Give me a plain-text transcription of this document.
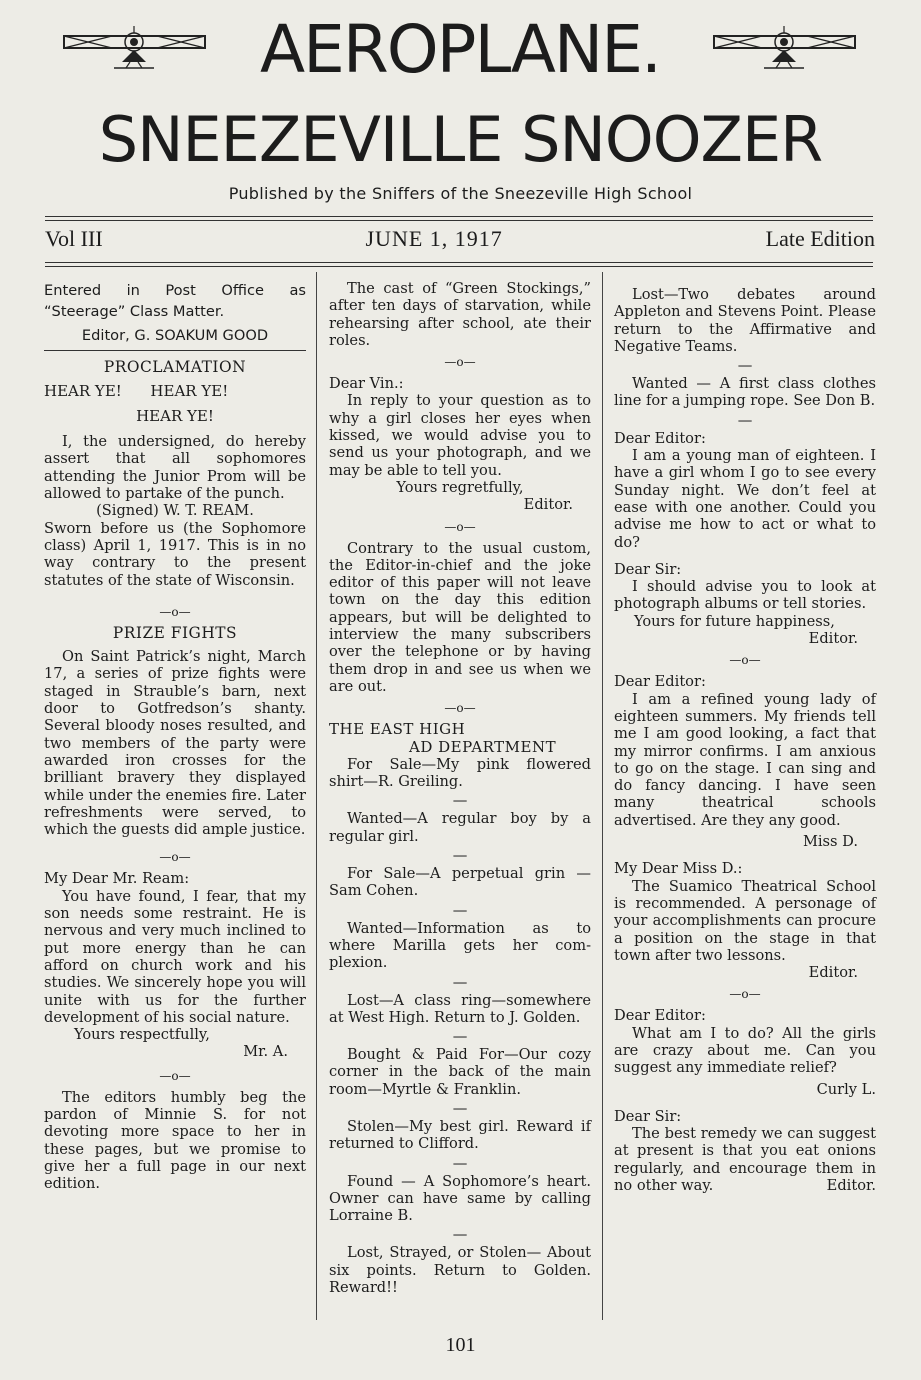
AEROPLANE.
SNEEZEVILLE SNOOZER
Published by the Sniffers of the Sneezeville High School
Vol III	JUNE 1, 1917	Late Edition
Entered in Post Office as “Steerage” Class Matter.
Editor, G. SOAKUM GOOD
PROCLAMATION
HEAR YE!      HEAR YE!
HEAR YE!
I, the undersigned, do hereby assert that all sophomores attending the Junior Prom will be allowed to partake of the punch.
(Signed) W. T. REAM.
Sworn before us (the Sophomore class) April 1, 1917. This is in no way contrary to the present statutes of the state of Wisconsin.
—o—
PRIZE FIGHTS
On Saint Patrick’s night, March 17, a series of prize fights were staged in Strauble’s barn, next door to Gotfredson’s shanty. Several bloody noses resulted, and two members of the party were awarded iron crosses for the brilliant bravery they displayed while under the enemies fire. Later refreshments were served, to which the guests did ample justice.
—o—
My Dear Mr. Ream:
You have found, I fear, that my son needs some restraint. He is nervous and very much inclined to put more energy than he can afford on church work and his studies. We sincerely hope you will unite with us for the further development of his social nature.
Yours respectfully,
Mr. A.
—o—
The editors humbly beg the pardon of Minnie S. for not devoting more space to her in these pages, but we promise to give her a full page in our next edition.
The cast of “Green Stockings,” after ten days of starvation, while rehearsing after school, ate their roles.
—o—
Dear Vin.:
In reply to your question as to why a girl closes her eyes when kissed, we would advise you to send us your photograph, and we may be able to tell you.
Yours regretfully,
Editor.
—o—
Contrary to the usual custom, the Editor-in-chief and the joke editor of this paper will not leave town on the day this edition appears, but will be delighted to interview the many subscribers over the telephone or by having them drop in and see us when we are out.
—o—
THE EAST HIGH
AD DEPARTMENT
For Sale—My pink flowered shirt—R. Greiling.
—
Wanted—A regular boy by a regular girl.
—
For Sale—A perpetual grin —Sam Cohen.
—
Wanted—Information as to where Marilla gets her complexion.
—
Lost—A class ring—somewhere at West High. Return to J. Golden.
—
Bought & Paid For—Our cozy corner in the back of the main room—Myrtle & Franklin.
—
Stolen—My best girl. Reward if returned to Clifford.
—
Found — A Sophomore’s heart. Owner can have same by calling Lorraine B.
—
Lost, Strayed, or Stolen— About six points. Return to Golden. Reward!!
Lost—Two debates around Appleton and Stevens Point. Please return to the Affirmative and Negative Teams.
—
Wanted — A first class clothes line for a jumping rope. See Don B.
—
Dear Editor:
I am a young man of eighteen. I have a girl whom I go to see every Sunday night. We don’t feel at ease with one another. Could you advise me how to act or what to do?
Dear Sir:
I should advise you to look at photograph albums or tell stories.
Yours for future happiness,
Editor.
—o—
Dear Editor:
I am a refined young lady of eighteen summers. My friends tell me I am good looking, a fact that my mirror confirms. I am anxious to go on the stage. I can sing and do fancy dancing. I have seen many theatrical schools advertised. Are they any good.
Miss D.
My Dear Miss D.:
The Suamico Theatrical School is recommended. A personage of your accomplishments can procure a position on the stage in that town after two lessons.
Editor.
—o—
Dear Editor:
What am I to do? All the girls are crazy about me. Can you suggest any immediate relief?
Curly L.
Dear Sir:
The best remedy we can suggest at present is that you eat onions regularly, and encourage them in no other way.	Editor.
101
